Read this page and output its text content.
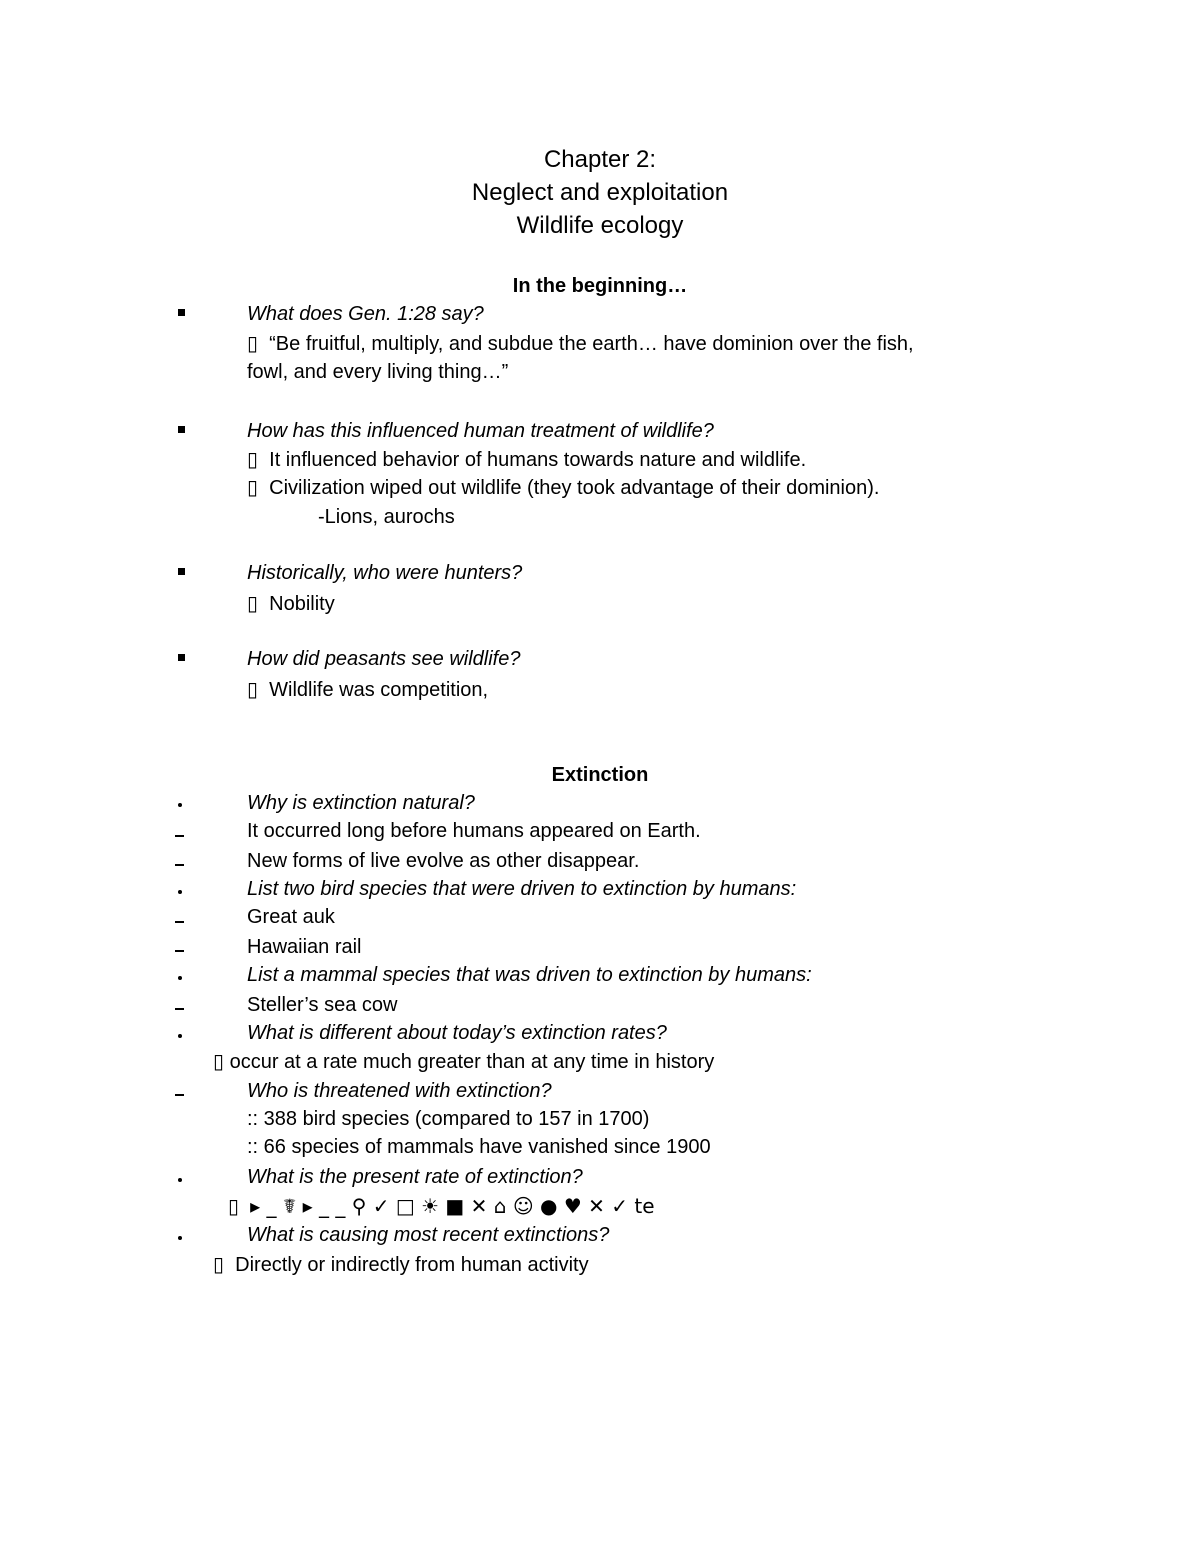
Chapter 2:
Neglect and exploitation
Wildlife ecology
In the beginning…
What does Gen. 1:28 say?
▯ “Be fruitful, multiply, and subdue the earth… have dominion over the fish,
fowl, and every living thing…”
How has this influenced human treatment of wildlife?
▯ It influenced behavior of humans towards nature and wildlife.
▯ Civilization wiped out wildlife (they took advantage of their dominion).
-Lions, aurochs
Historically, who were hunters?
▯ Nobility
How did peasants see wildlife?
▯ Wildlife was competition,
Extinction
Why is extinction natural?
It occurred long before humans appeared on Earth.
New forms of live evolve as other disappear.
List two bird species that were driven to extinction by humans:
Great auk
Hawaiian rail
List a mammal species that was driven to extinction by humans:
Steller’s sea cow
What is different about today’s extinction rates?
▯ occur at a rate much greater than at any time in history
Who is threatened with extinction?
:: 388 bird species (compared to 157 in 1700)
:: 66 species of mammals have vanished since 1900
What is the present rate of extinction?
▯ ▸ _ ☤ ▸ _ _ ⚲ ✓ □ ☀ ■ ✕ ⌂ ☺ ● ♥ ✕ ✓ te
What is causing most recent extinctions?
▯ Directly or indirectly from human activity
